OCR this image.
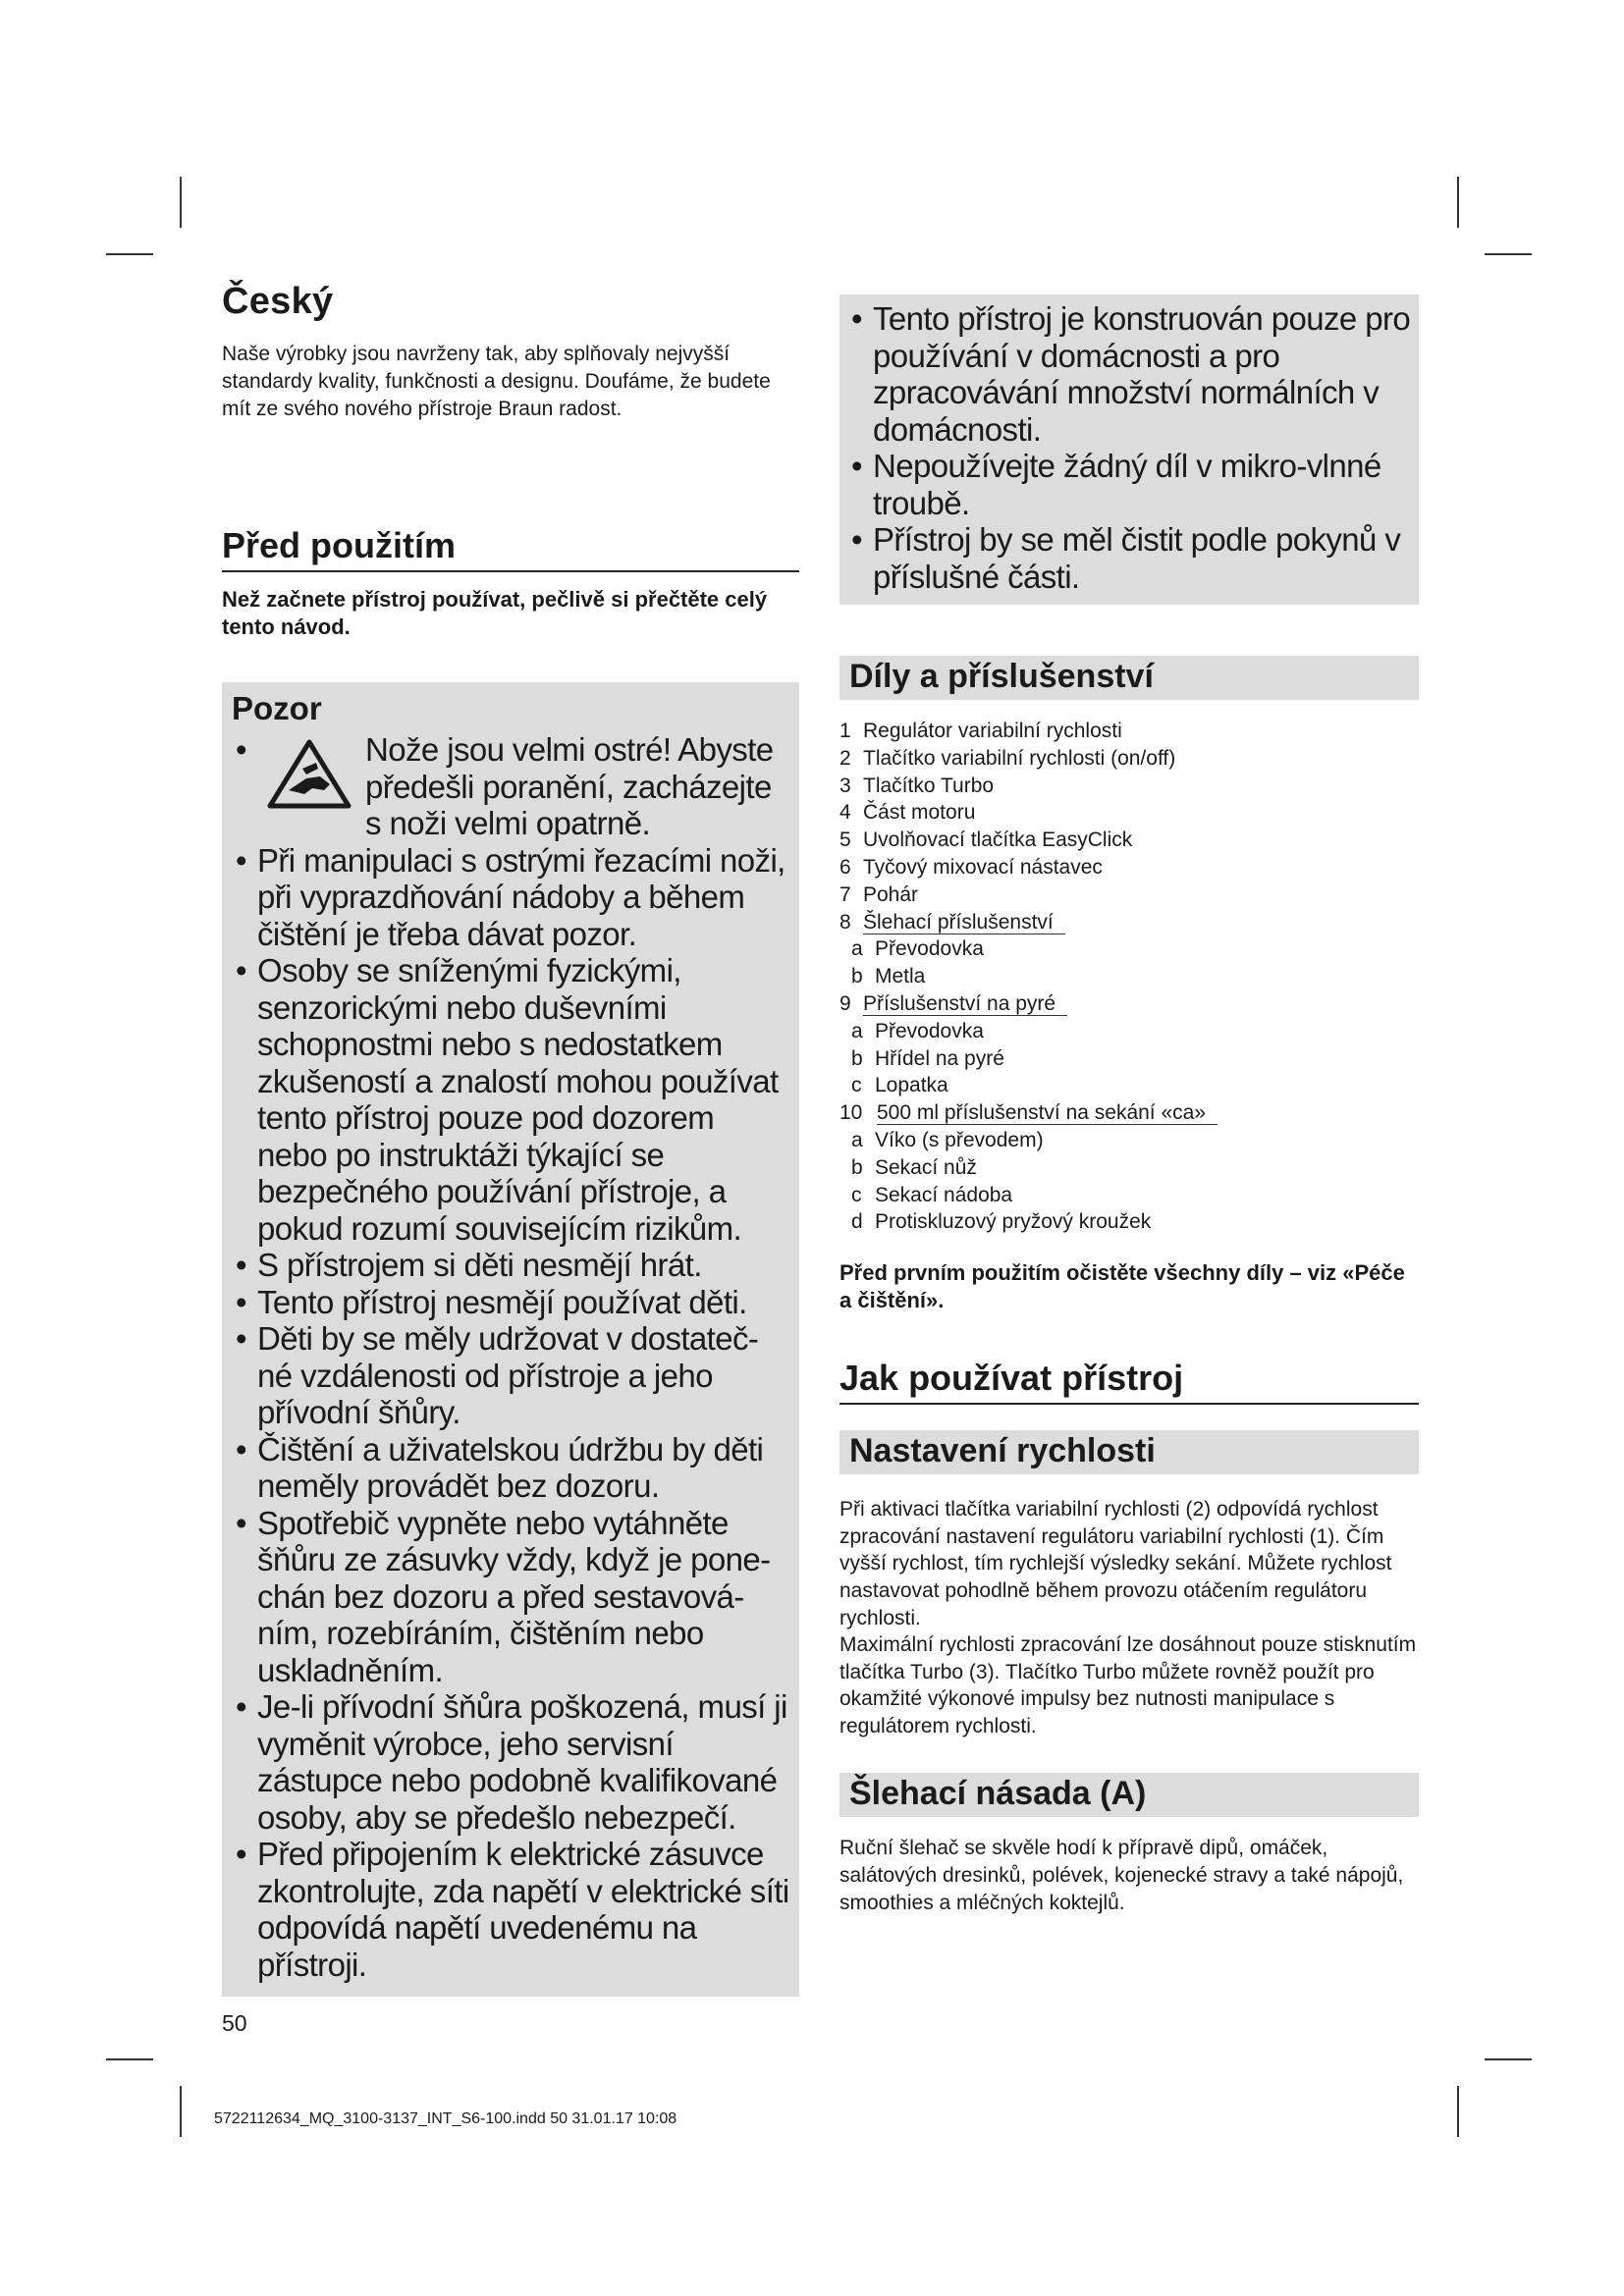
Český

Naše výrobky jsou navrženy tak, aby splňovaly nejvyšší standardy kvality, funkčnosti a designu. Doufáme, že budete mít ze svého nového přístroje Braun radost.

Před použitím

Než začnete přístroj používat, pečlivě si přečtěte celý tento návod.

Pozor
•	Nože jsou velmi ostré! Abyste předešli poranění, zacházejte s noži velmi opatrně.
• Při manipulaci s ostrými řezacími noži, při vyprazdňování nádoby a během čištění je třeba dávat pozor.
• Osoby se sníženými fyzickými, senzorickými nebo duševními schopnostmi nebo s nedostatkem zkušeností a znalostí mohou používat tento přístroj pouze pod dozorem nebo po instruktáži týkající se bezpečného používání přístroje, a pokud rozumí souvisejícím rizikům.
• S přístrojem si děti nesmějí hrát.
• Tento přístroj nesmějí používat děti.
• Děti by se měly udržovat v dostateč-né vzdálenosti od přístroje a jeho přívodní šňůry.
• Čištění a uživatelskou údržbu by děti neměly provádět bez dozoru.
• Spotřebič vypněte nebo vytáhněte šňůru ze zásuvky vždy, když je pone-chán bez dozoru a před sestavová-ním, rozebíráním, čištěním nebo uskladněním.
• Je-li přívodní šňůra poškozená, musí ji vyměnit výrobce, jeho servisní zástupce nebo podobně kvalifikované osoby, aby se předešlo nebezpečí.
• Před připojením k elektrické zásuvce zkontrolujte, zda napětí v elektrické síti odpovídá napětí uvedenému na přístroji.
50
• Tento přístroj je konstruován pouze pro používání v domácnosti a pro zpracovávání množství normálních v domácnosti.
• Nepoužívejte žádný díl v mikro-vlnné troubě.
• Přístroj by se měl čistit podle pokynů v příslušné části.
Díly a příslušenství
1 Regulátor variabilní rychlosti
2 Tlačítko variabilní rychlosti (on/off)
3 Tlačítko Turbo
4 Část motoru
5 Uvolňovací tlačítka EasyClick
6 Tyčový mixovací nástavec
7 Pohár
8 Šlehací příslušenství
a Převodovka
b Metla
9 Příslušenství na pyré
a Převodovka
b Hřídel na pyré
c Lopatka
10 500 ml příslušenství na sekání «ca»
a Víko (s převodem)
b Sekací nůž
c Sekací nádoba
d Protiskluzový pryžový kroužek

Před prvním použitím očistěte všechny díly – viz «Péče a čištění».

Jak používat přístroj
Nastavení rychlosti

Při aktivaci tlačítka variabilní rychlosti (2) odpovídá rychlost zpracování nastavení regulátoru variabilní rychlosti (1). Čím vyšší rychlost, tím rychlejší výsledky sekání. Můžete rychlost nastavovat pohodlně během provozu otáčením regulátoru rychlosti.

Maximální rychlosti zpracování lze dosáhnout pouze stisknutím tlačítka Turbo (3). Tlačítko Turbo můžete rovněž použít pro okamžité výkonové impulsy bez nutnosti manipulace s regulátorem rychlosti.

Šlehací násada (A)

Ruční šlehač se skvěle hodí k přípravě dipů, omáček, salátových dresinků, polévek, kojenecké stravy a také nápojů, smoothies a mléčných koktejlů.

5722112634_MQ_3100-3137_INT_S6-100.indd 50 31.01.17 10:08
